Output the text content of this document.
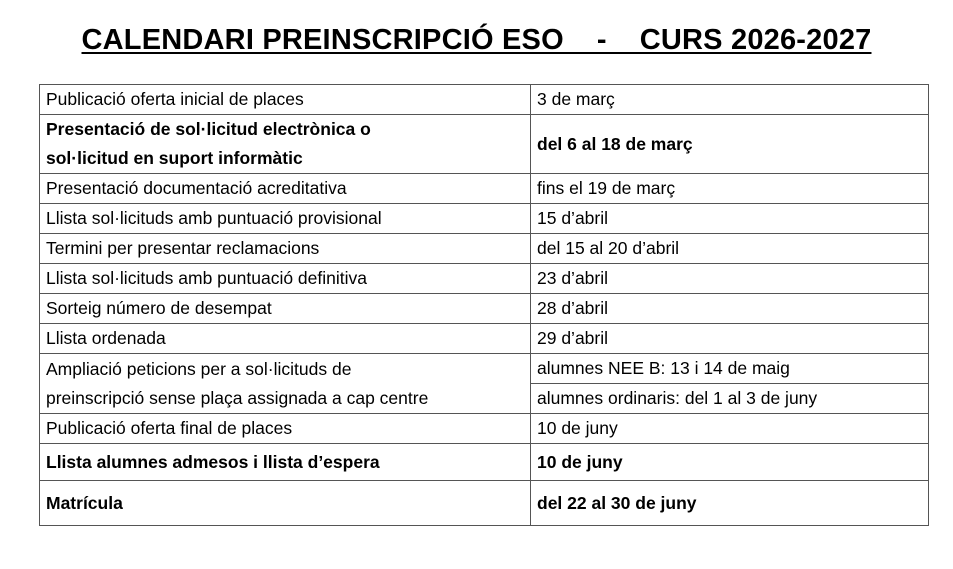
CALENDARI PREINSCRIPCIÓ ESO    -    CURS 2026-2027
Publicació oferta inicial de places	3 de març

Presentació de sol·licitud electrònica o
sol·licitud en suport informàtic	del 6 al 18 de març
Presentació documentació acreditativa	fins el 19 de març
Llista sol·licituds amb puntuació provisional	15 d’abril
Termini per presentar reclamacions	del 15 al 20 d’abril
Llista sol·licituds amb puntuació definitiva	23 d’abril
Sorteig número de desempat	28 d’abril
Llista ordenada	29 d’abril

Ampliació peticions per a sol·licituds de
preinscripció sense plaça assignada a cap centre	alumnes NEE B: 13 i 14 de maig
	alumnes ordinaris: del 1 al 3 de juny
Publicació oferta final de places	10 de juny
Llista alumnes admesos i llista d’espera	10 de juny
Matrícula	del 22 al 30 de juny
